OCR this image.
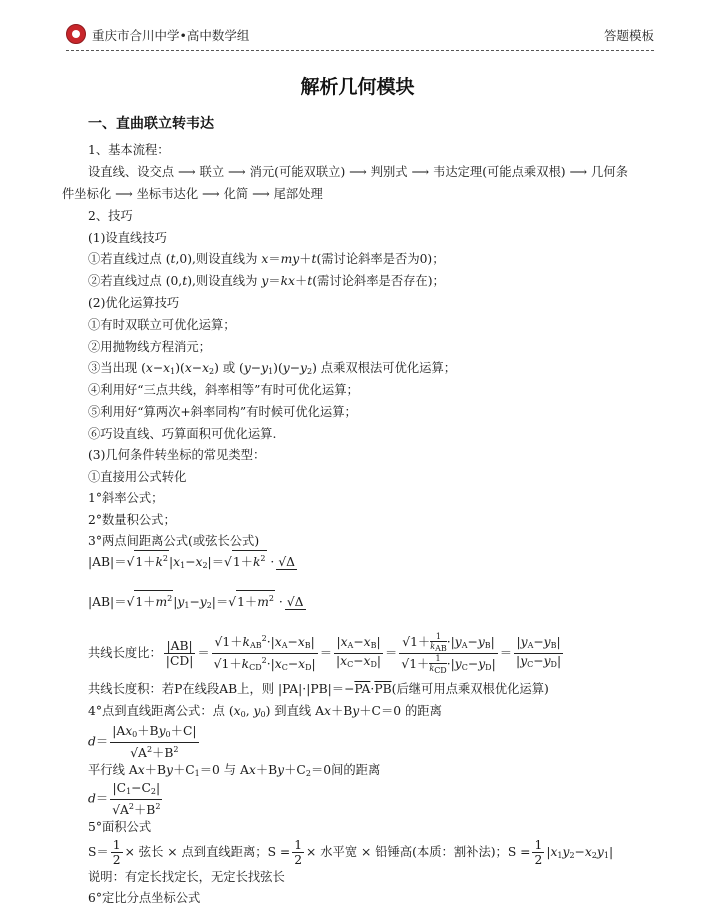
重庆市合川中学•高中数学组	答题模板
解析几何模块
一、直曲联立转韦达
1、基本流程：
设直线、设交点 ⟶ 联立 ⟶ 消元(可能双联立) ⟶ 判别式 ⟶ 韦达定理(可能点乘双根) ⟶ 几何条
件坐标化 ⟶ 坐标韦达化 ⟶ 化简 ⟶ 尾部处理
2、技巧
(1)设直线技巧
①若直线过点 (t,0),则设直线为 x＝my＋t(需讨论斜率是否为0)；
②若直线过点 (0,t),则设直线为 y＝kx＋t(需讨论斜率是否存在)；
(2)优化运算技巧
①有时双联立可优化运算；
②用抛物线方程消元；
③当出现 $(x-x_1)(x-x_2)$ 或 $(y-y_1)(y-y_2)$ 点乘双根法可优化运算；
④利用好“三点共线，斜率相等”有时可优化运算；
⑤利用好“算两次+斜率同构”有时候可优化运算；
⑥巧设直线、巧算面积可优化运算.
(3)几何条件转坐标的常见类型：
①直接用公式转化
1°斜率公式；
2°数量积公式；
3°两点间距离公式(或弦长公式)
|AB|＝ √ $1+k^2|x_1-x_2|=$ √ $1+k^2 \cdot √\Delta$
|AB|＝ √ $1+m^2|y_1-y_2|=$ √ $1+m^2 \cdot √\Delta$
共线长度比： $\frac{|AB|}{|CD|} = \frac{√1+k_{AB}^2\cdot|x_A-x_B|}{√1+k_{CD}^2\cdot|x_C-x_D|} = \frac{|x_A-x_B|}{|x_C-x_D|} = √1+ 1$
$k_{AB} \cdot|y_A-y_B|$
√1＋ 1
$k_{CD} \cdot|y_C-y_D| = \frac{|y_A-y_B|}{|y_C-y_D|}$
共线长度积：若P在线段AB上，则 $|PA|\cdot|PB|=-\overline{PA}\cdot\overline{PB}$(后继可用点乘双根优化运算)
4°点到直线距离公式：点 ($x_0$, $y_0$) 到直线 Ax＋By＋C＝0 的距离
$d= \frac{|Ax_0+By_0+C|}{√A^2+B^2}$
平行线 $Ax+By+C_1=0$ 与 $Ax+By+C_2=0$间的距离
$d= \frac{|C_1-C_2|}{√A^2+B^2}$
5°面积公式
$S= \frac{1}{2}$ × 弦长 × 点到直线距离；$S = \frac{1}{2}$ × 水平宽 × 铅锤高(本质：割补法)；$S = \frac{1}{2} |x_1y_2-x_2y_1|$
说明：有定长找定长，无定长找弦长
6°定比分点坐标公式
